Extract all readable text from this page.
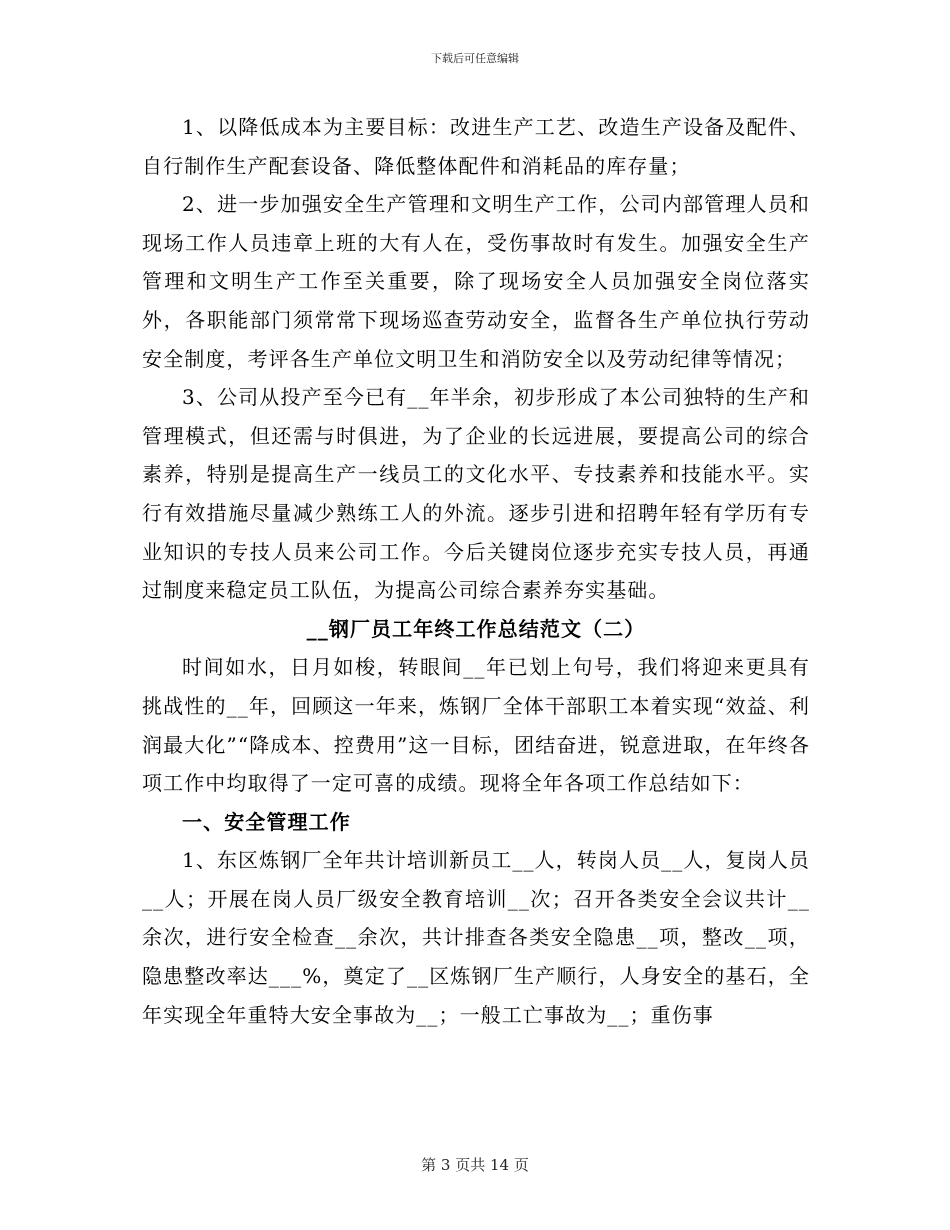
下载后可任意编辑

1、以降低成本为主要目标：改进生产工艺、改造生产设备及配件、自行制作生产配套设备、降低整体配件和消耗品的库存量；

2、进一步加强安全生产管理和文明生产工作，公司内部管理人员和现场工作人员违章上班的大有人在，受伤事故时有发生。加强安全生产管理和文明生产工作至关重要，除了现场安全人员加强安全岗位落实外，各职能部门须常常下现场巡查劳动安全，监督各生产单位执行劳动安全制度，考评各生产单位文明卫生和消防安全以及劳动纪律等情况；

3、公司从投产至今已有__年半余，初步形成了本公司独特的生产和管理模式，但还需与时俱进，为了企业的长远进展，要提高公司的综合素养，特别是提高生产一线员工的文化水平、专技素养和技能水平。实行有效措施尽量减少熟练工人的外流。逐步引进和招聘年轻有学历有专业知识的专技人员来公司工作。今后关键岗位逐步充实专技人员，再通过制度来稳定员工队伍，为提高公司综合素养夯实基础。

__钢厂员工年终工作总结范文（二）

时间如水，日月如梭，转眼间__年已划上句号，我们将迎来更具有挑战性的__年，回顾这一年来，炼钢厂全体干部职工本着实现“效益、利润最大化”“降成本、控费用”这一目标，团结奋进，锐意进取，在年终各项工作中均取得了一定可喜的成绩。现将全年各项工作总结如下：

一、安全管理工作

1、东区炼钢厂全年共计培训新员工__人，转岗人员__人，复岗人员__人；开展在岗人员厂级安全教育培训__次；召开各类安全会议共计__余次，进行安全检查__余次，共计排查各类安全隐患__项，整改__项，隐患整改率达___%，奠定了__区炼钢厂生产顺行，人身安全的基石，全年实现全年重特大安全事故为__；一般工亡事故为__；重伤事

第 3 页共 14 页
